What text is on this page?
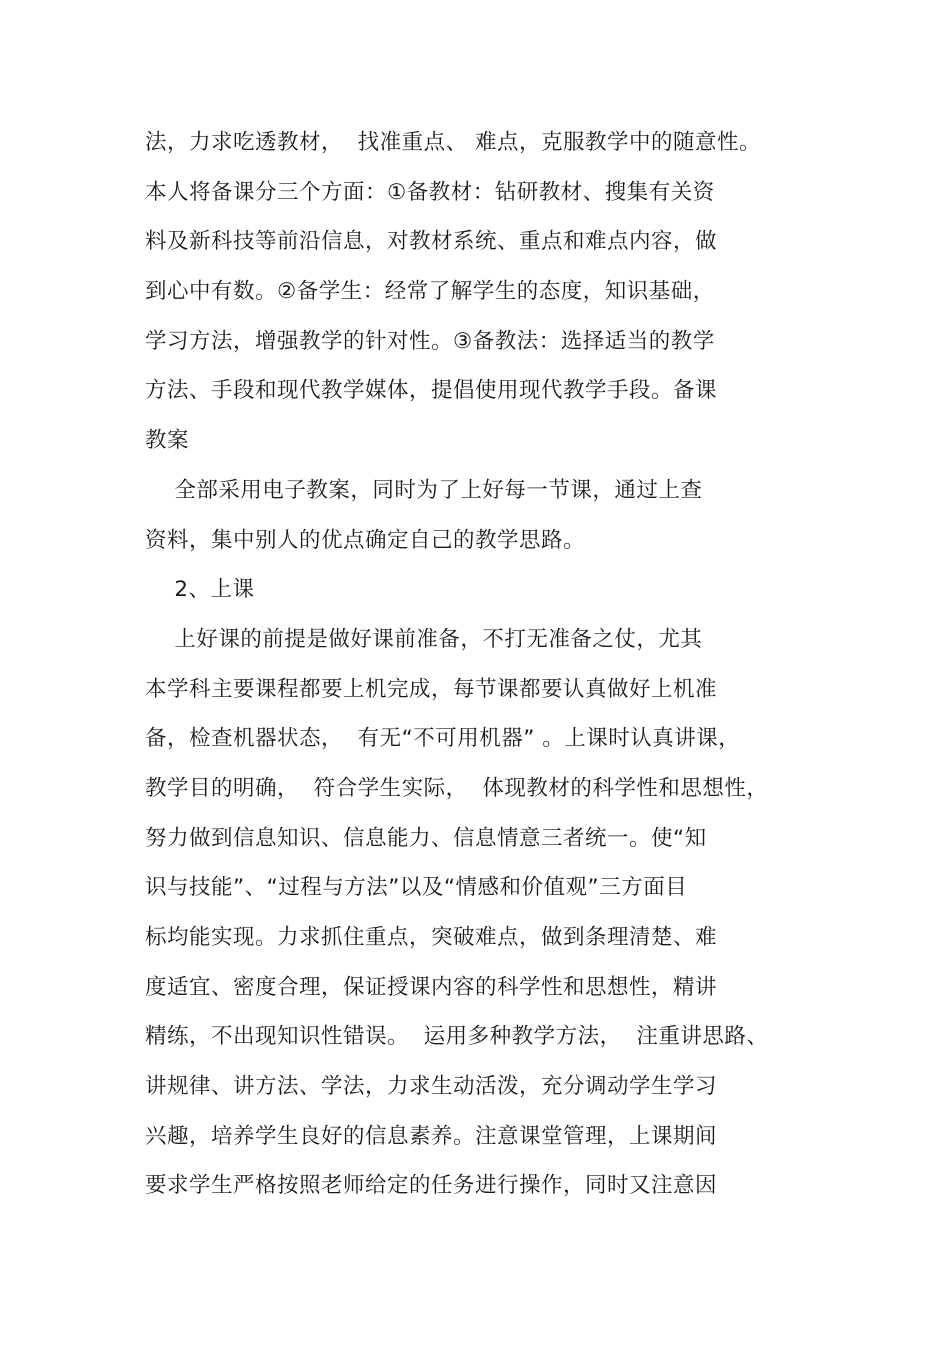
法，力求吃透教材，  找准重点、 难点，克服教学中的随意性。
本人将备课分三个方面：①备教材：钻研教材、搜集有关资
料及新科技等前沿信息，对教材系统、重点和难点内容，做
到心中有数。②备学生：经常了解学生的态度，知识基础，
学习方法，增强教学的针对性。③备教法：选择适当的教学
方法、手段和现代教学媒体，提倡使用现代教学手段。备课
教案
全部采用电子教案，同时为了上好每一节课，通过上查
资料，集中别人的优点确定自己的教学思路。
2、上课
上好课的前提是做好课前准备，不打无准备之仗，尤其
本学科主要课程都要上机完成，每节课都要认真做好上机准
备，检查机器状态，  有无“不可用机器” 。上课时认真讲课，
教学目的明确，  符合学生实际，  体现教材的科学性和思想性，
努力做到信息知识、信息能力、信息情意三者统一。使“知
识与技能”、“过程与方法”以及“情感和价值观”三方面目
标均能实现。力求抓住重点，突破难点，做到条理清楚、难
度适宜、密度合理，保证授课内容的科学性和思想性，精讲
精练，不出现知识性错误。  运用多种教学方法，  注重讲思路、
讲规律、讲方法、学法，力求生动活泼，充分调动学生学习
兴趣，培养学生良好的信息素养。注意课堂管理，上课期间
要求学生严格按照老师给定的任务进行操作，同时又注意因
